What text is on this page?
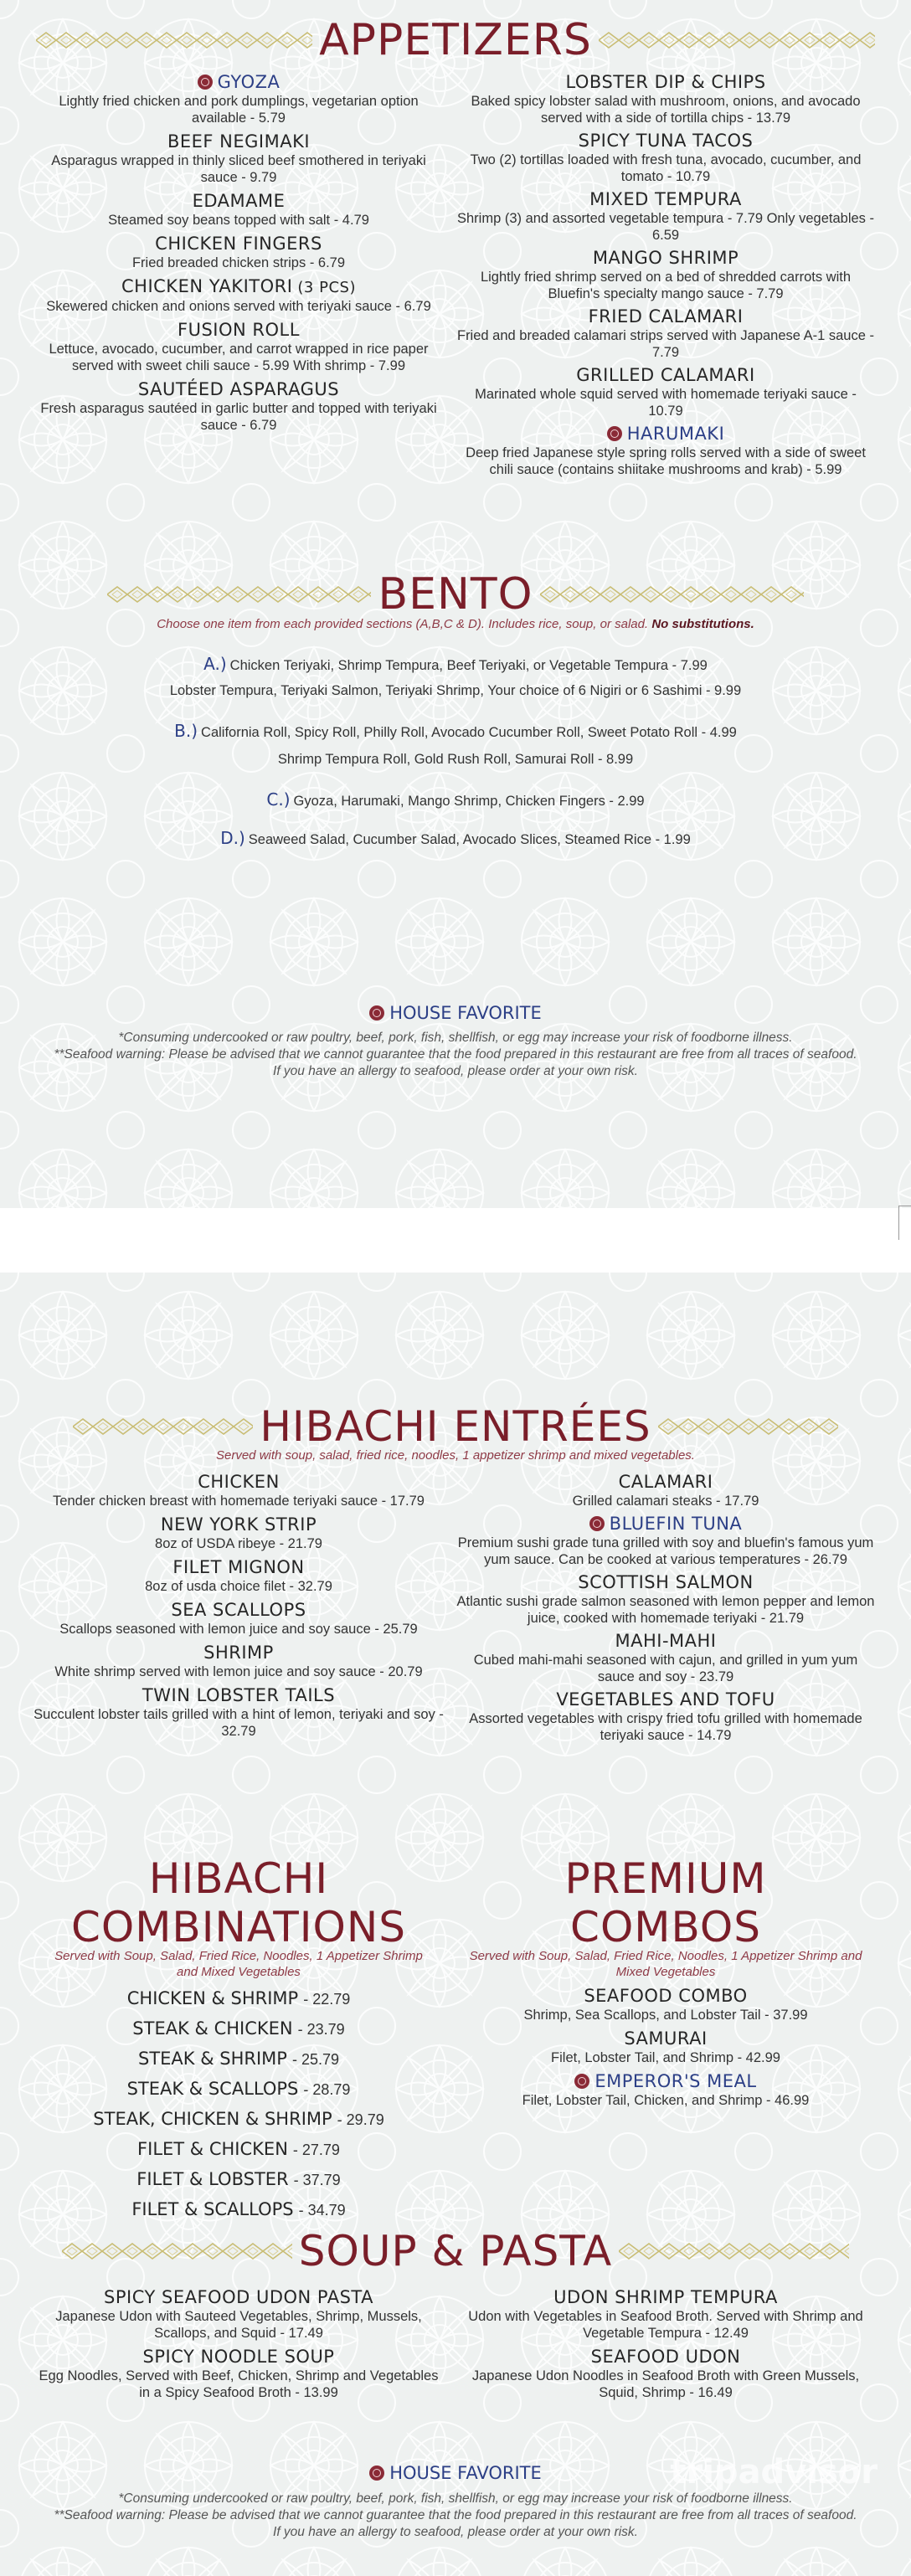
APPETIZERS
GYOZA
Lightly fried chicken and pork dumplings, vegetarian option available - 5.79
BEEF NEGIMAKI
Asparagus wrapped in thinly sliced beef smothered in teriyaki sauce - 9.79
EDAMAME
Steamed soy beans topped with salt - 4.79
CHICKEN FINGERS
Fried breaded chicken strips - 6.79
CHICKEN YAKITORI (3 PCS)
Skewered chicken and onions served with teriyaki sauce - 6.79
FUSION ROLL
Lettuce, avocado, cucumber, and carrot wrapped in rice paper served with sweet chili sauce - 5.99 With shrimp - 7.99
SAUTÉED ASPARAGUS
Fresh asparagus sautéed in garlic butter and topped with teriyaki sauce - 6.79
LOBSTER DIP & CHIPS
Baked spicy lobster salad with mushroom, onions, and avocado served with a side of tortilla chips - 13.79
SPICY TUNA TACOS
Two (2) tortillas loaded with fresh tuna, avocado, cucumber, and tomato - 10.79
MIXED TEMPURA
Shrimp (3) and assorted vegetable tempura - 7.79 Only vegetables - 6.59
MANGO SHRIMP
Lightly fried shrimp served on a bed of shredded carrots with Bluefin's specialty mango sauce - 7.79
FRIED CALAMARI
Fried and breaded calamari strips served with Japanese A-1 sauce - 7.79
GRILLED CALAMARI
Marinated whole squid served with homemade teriyaki sauce - 10.79
HARUMAKI
Deep fried Japanese style spring rolls served with a side of sweet chili sauce (contains shiitake mushrooms and krab) - 5.99
BENTO
Choose one item from each provided sections (A,B,C & D). Includes rice, soup, or salad. No substitutions.
A.) Chicken Teriyaki, Shrimp Tempura, Beef Teriyaki, or Vegetable Tempura - 7.99
Lobster Tempura, Teriyaki Salmon, Teriyaki Shrimp, Your choice of 6 Nigiri or 6 Sashimi - 9.99
B.) California Roll, Spicy Roll, Philly Roll, Avocado Cucumber Roll, Sweet Potato Roll - 4.99
Shrimp Tempura Roll, Gold Rush Roll, Samurai Roll - 8.99
C.) Gyoza, Harumaki, Mango Shrimp, Chicken Fingers - 2.99
D.) Seaweed Salad, Cucumber Salad, Avocado Slices, Steamed Rice - 1.99
HOUSE FAVORITE
*Consuming undercooked or raw poultry, beef, pork, fish, shellfish, or egg may increase your risk of foodborne illness.
**Seafood warning: Please be advised that we cannot guarantee that the food prepared in this restaurant are free from all traces of seafood. If you have an allergy to seafood, please order at your own risk.
HIBACHI ENTRÉES
Served with soup, salad, fried rice, noodles, 1 appetizer shrimp and mixed vegetables.
CHICKEN
Tender chicken breast with homemade teriyaki sauce - 17.79
NEW YORK STRIP
8oz of USDA ribeye - 21.79
FILET MIGNON
8oz of usda choice filet - 32.79
SEA SCALLOPS
Scallops seasoned with lemon juice and soy sauce - 25.79
SHRIMP
White shrimp served with lemon juice and soy sauce - 20.79
TWIN LOBSTER TAILS
Succulent lobster tails grilled with a hint of lemon, teriyaki and soy - 32.79
CALAMARI
Grilled calamari steaks - 17.79
BLUEFIN TUNA
Premium sushi grade tuna grilled with soy and bluefin's famous yum yum sauce. Can be cooked at various temperatures - 26.79
SCOTTISH SALMON
Atlantic sushi grade salmon seasoned with lemon pepper and lemon juice, cooked with homemade teriyaki - 21.79
MAHI-MAHI
Cubed mahi-mahi seasoned with cajun, and grilled in yum yum sauce and soy - 23.79
VEGETABLES AND TOFU
Assorted vegetables with crispy fried tofu grilled with homemade teriyaki sauce - 14.79
HIBACHI
COMBINATIONS
Served with Soup, Salad, Fried Rice, Noodles, 1 Appetizer Shrimp and Mixed Vegetables
CHICKEN & SHRIMP - 22.79
STEAK & CHICKEN - 23.79
STEAK & SHRIMP - 25.79
STEAK & SCALLOPS - 28.79
STEAK, CHICKEN & SHRIMP - 29.79
FILET & CHICKEN - 27.79
FILET & LOBSTER - 37.79
FILET & SCALLOPS - 34.79
PREMIUM
COMBOS
Served with Soup, Salad, Fried Rice, Noodles, 1 Appetizer Shrimp and Mixed Vegetables
SEAFOOD COMBO
Shrimp, Sea Scallops, and Lobster Tail - 37.99
SAMURAI
Filet, Lobster Tail, and Shrimp - 42.99
EMPEROR'S MEAL
Filet, Lobster Tail, Chicken, and Shrimp - 46.99
SOUP & PASTA
SPICY SEAFOOD UDON PASTA
Japanese Udon with Sauteed Vegetables, Shrimp, Mussels, Scallops, and Squid - 17.49
SPICY NOODLE SOUP
Egg Noodles, Served with Beef, Chicken, Shrimp and Vegetables in a Spicy Seafood Broth - 13.99
UDON SHRIMP TEMPURA
Udon with Vegetables in Seafood Broth. Served with Shrimp and Vegetable Tempura - 12.49
SEAFOOD UDON
Japanese Udon Noodles in Seafood Broth with Green Mussels, Squid, Shrimp - 16.49
HOUSE FAVORITE
*Consuming undercooked or raw poultry, beef, pork, fish, shellfish, or egg may increase your risk of foodborne illness.
**Seafood warning: Please be advised that we cannot guarantee that the food prepared in this restaurant are free from all traces of seafood. If you have an allergy to seafood, please order at your own risk.
tripadvisor
